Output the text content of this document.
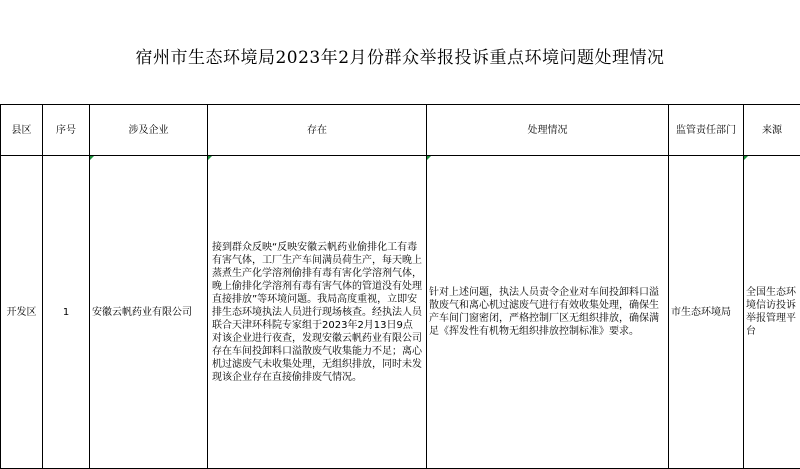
宿州市生态环境局2023年2月份群众举报投诉重点环境问题处理情况
县区	序号	涉及企业	存在	处理情况	监管责任部门	来源

开发区	1	安徽云帆药业有限公司	接到群众反映“反映安徽云帆药业偷排化工有毒有害气体，工厂生产车间满员荷生产，每天晚上蒸煮生产化学溶剂偷排有毒有害化学溶剂气体，晚上偷排化学溶剂有毒有害气体的管道没有处理直接排放”等环境问题。我局高度重视，立即安排生态环境执法人员进行现场核查。经执法人员联合天津环科院专家组于2023年2月13日9点对该企业进行夜查，发现安徽云帆药业有限公司存在车间投卸料口溢散废气收集能力不足；离心机过滤废气未收集处理，无组织排放，同时未发现该企业存在直接偷排废气情况。	针对上述问题，执法人员责令企业对车间投卸料口溢散废气和离心机过滤废气进行有效收集处理，确保生产车间门窗密闭，严格控制厂区无组织排放，确保满足《挥发性有机物无组织排放控制标准》要求。	市生态环境局	全国生态环境信访投诉举报管理平台
